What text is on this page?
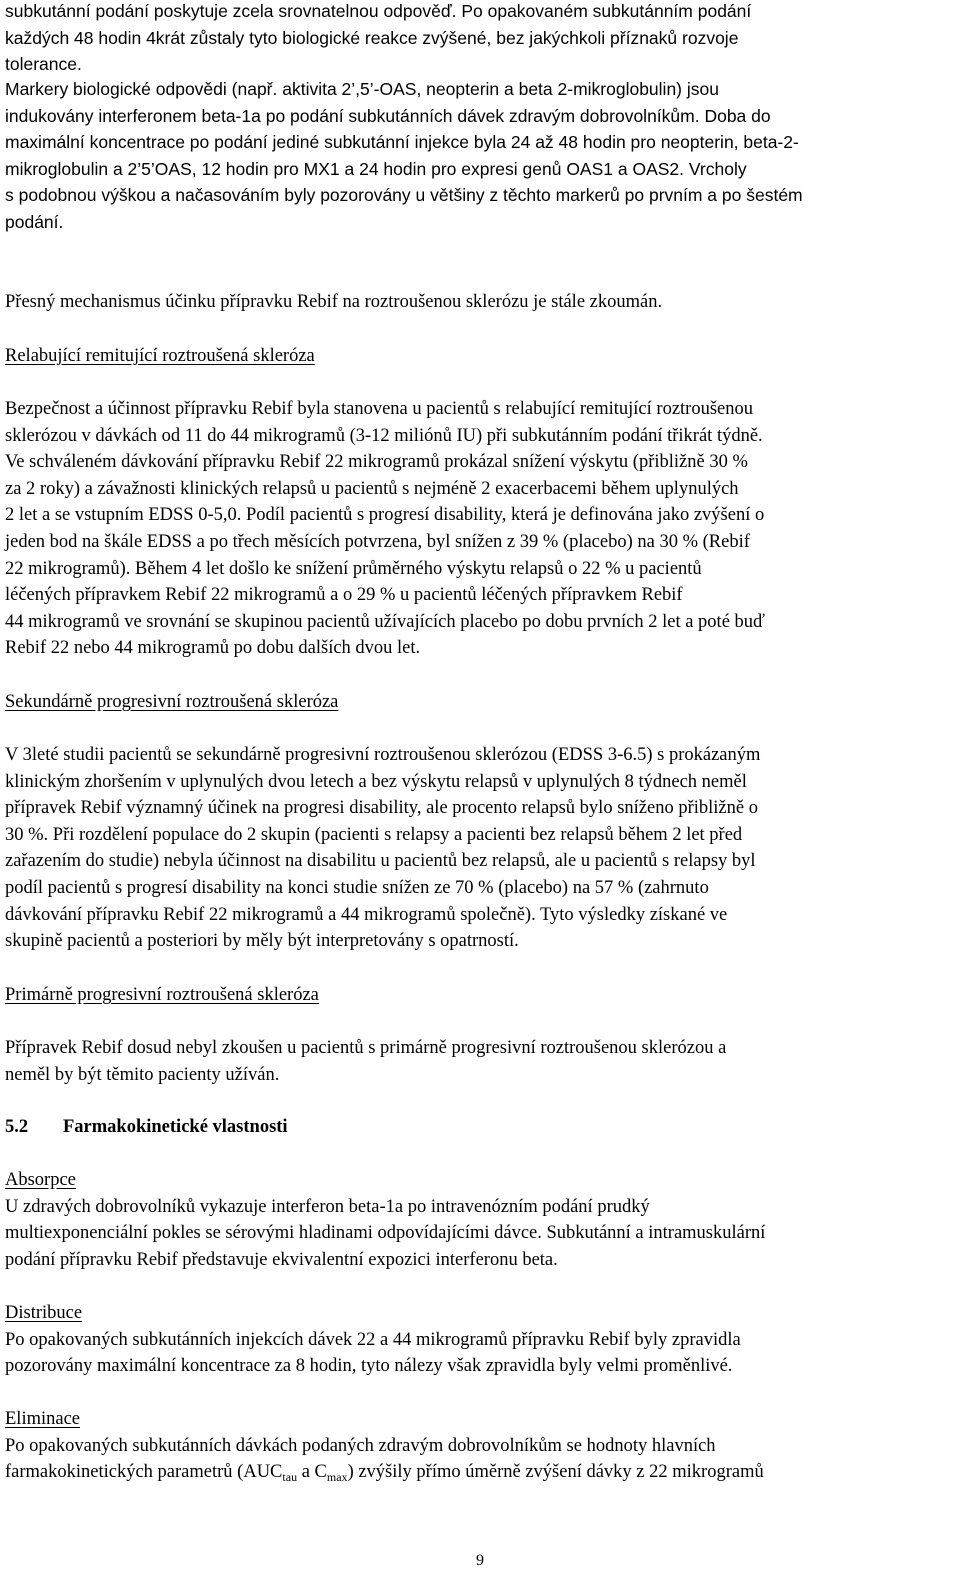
subkutánní podání poskytuje zcela srovnatelnou odpověď. Po opakovaném subkutánním podání
každých 48 hodin 4krát zůstaly tyto biologické reakce zvýšené, bez jakýchkoli příznaků rozvoje
tolerance.
Markery biologické odpovědi (např. aktivita 2’,5’-OAS, neopterin a beta 2-mikroglobulin) jsou
indukovány interferonem beta-1a po podání subkutánních dávek zdravým dobrovolníkům. Doba do
maximální koncentrace po podání jediné subkutánní injekce byla 24 až 48 hodin pro neopterin, beta-2-
mikroglobulin a 2’5’OAS, 12 hodin pro MX1 a 24 hodin pro expresi genů OAS1 a OAS2. Vrcholy
s podobnou výškou a načasováním byly pozorovány u většiny z těchto markerů po prvním a po šestém
podání.
Přesný mechanismus účinku přípravku Rebif na roztroušenou sklerózu je stále zkoumán.
Relabující remitující roztroušená skleróza
Bezpečnost a účinnost přípravku Rebif byla stanovena u pacientů s relabující remitující roztroušenou
sklerózou v dávkách od 11 do 44 mikrogramů (3-12 miliónů IU) při subkutánním podání třikrát týdně.
Ve schváleném dávkování přípravku Rebif 22 mikrogramů prokázal snížení výskytu (přibližně 30 %
za 2 roky) a závažnosti klinických relapsů u pacientů s nejméně 2 exacerbacemi během uplynulých
2 let a se vstupním EDSS 0-5,0. Podíl pacientů s progresí disability, která je definována jako zvýšení o
jeden bod na škále EDSS a po třech měsících potvrzena, byl snížen z 39 % (placebo) na 30 % (Rebif
22 mikrogramů). Během 4 let došlo ke snížení průměrného výskytu relapsů o 22 % u pacientů
léčených přípravkem Rebif 22 mikrogramů a o 29 % u pacientů léčených přípravkem Rebif
44 mikrogramů ve srovnání se skupinou pacientů užívajících placebo po dobu prvních 2 let a poté buď
Rebif 22 nebo 44 mikrogramů po dobu dalších dvou let.
Sekundárně progresivní roztroušená skleróza
V 3leté studii pacientů se sekundárně progresivní roztroušenou sklerózou (EDSS 3-6.5) s prokázaným
klinickým zhoršením v uplynulých dvou letech a bez výskytu relapsů v uplynulých 8 týdnech neměl
přípravek Rebif významný účinek na progresi disability, ale procento relapsů bylo sníženo přibližně o
30 %. Při rozdělení populace do 2 skupin (pacienti s relapsy a pacienti bez relapsů během 2 let před
zařazením do studie) nebyla účinnost na disabilitu u pacientů bez relapsů, ale u pacientů s relapsy byl
podíl pacientů s progresí disability na konci studie snížen ze 70 % (placebo) na 57 % (zahrnuto
dávkování přípravku Rebif 22 mikrogramů a 44 mikrogramů společně). Tyto výsledky získané ve
skupině pacientů a posteriori by měly být interpretovány s opatrností.
Primárně progresivní roztroušená skleróza
Přípravek Rebif dosud nebyl zkoušen u pacientů s primárně progresivní roztroušenou sklerózou a
neměl by být těmito pacienty užíván.
5.2 Farmakokinetické vlastnosti
Absorpce
U zdravých dobrovolníků vykazuje interferon beta-1a po intravenózním podání prudký
multiexponenciální pokles se sérovými hladinami odpovídajícími dávce. Subkutánní a intramuskulární
podání přípravku Rebif představuje ekvivalentní expozici interferonu beta.
Distribuce
Po opakovaných subkutánních injekcích dávek 22 a 44 mikrogramů přípravku Rebif byly zpravidla
pozorovány maximální koncentrace za 8 hodin, tyto nálezy však zpravidla byly velmi proměnlivé.
Eliminace
Po opakovaných subkutánních dávkách podaných zdravým dobrovolníkům se hodnoty hlavních
farmakokinetických parametrů ($AUC_{tau}$ a $C_{max}$) zvýšily přímo úměrně zvýšení dávky z 22 mikrogramů
9
